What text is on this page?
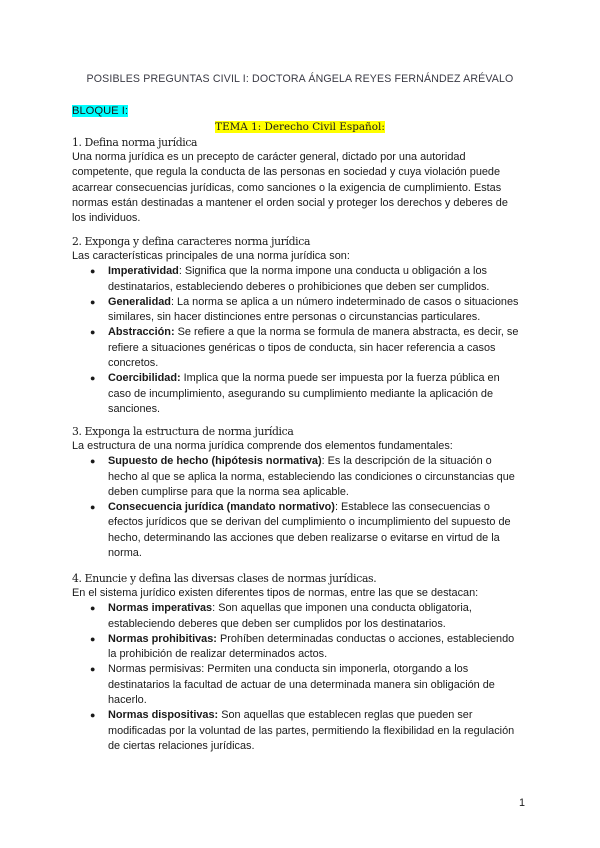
POSIBLES PREGUNTAS CIVIL I: DOCTORA ÁNGELA REYES FERNÁNDEZ ARÉVALO
BLOQUE I:
TEMA 1: Derecho Civil Español:
1. Defina norma jurídica
Una norma jurídica es un precepto de carácter general, dictado por una autoridad
competente, que regula la conducta de las personas en sociedad y cuya violación puede
acarrear consecuencias jurídicas, como sanciones o la exigencia de cumplimiento. Estas
normas están destinadas a mantener el orden social y proteger los derechos y deberes de
los individuos.
2. Exponga y defina caracteres norma jurídica
Las características principales de una norma jurídica son:
● Imperatividad: Significa que la norma impone una conducta u obligación a los
destinatarios, estableciendo deberes o prohibiciones que deben ser cumplidos.
● Generalidad: La norma se aplica a un número indeterminado de casos o situaciones
similares, sin hacer distinciones entre personas o circunstancias particulares.
● Abstracción: Se refiere a que la norma se formula de manera abstracta, es decir, se
refiere a situaciones genéricas o tipos de conducta, sin hacer referencia a casos
concretos.
● Coercibilidad: Implica que la norma puede ser impuesta por la fuerza pública en
caso de incumplimiento, asegurando su cumplimiento mediante la aplicación de
sanciones.
3. Exponga la estructura de norma jurídica
La estructura de una norma jurídica comprende dos elementos fundamentales:
● Supuesto de hecho (hipótesis normativa): Es la descripción de la situación o
hecho al que se aplica la norma, estableciendo las condiciones o circunstancias que
deben cumplirse para que la norma sea aplicable.
● Consecuencia jurídica (mandato normativo): Establece las consecuencias o
efectos jurídicos que se derivan del cumplimiento o incumplimiento del supuesto de
hecho, determinando las acciones que deben realizarse o evitarse en virtud de la
norma.
4. Enuncie y defina las diversas clases de normas jurídicas.
En el sistema jurídico existen diferentes tipos de normas, entre las que se destacan:
● Normas imperativas: Son aquellas que imponen una conducta obligatoria,
estableciendo deberes que deben ser cumplidos por los destinatarios.
● Normas prohibitivas: Prohíben determinadas conductas o acciones, estableciendo
la prohibición de realizar determinados actos.
● Normas permisivas: Permiten una conducta sin imponerla, otorgando a los
destinatarios la facultad de actuar de una determinada manera sin obligación de
hacerlo.
● Normas dispositivas: Son aquellas que establecen reglas que pueden ser
modificadas por la voluntad de las partes, permitiendo la flexibilidad en la regulación
de ciertas relaciones jurídicas.
1
